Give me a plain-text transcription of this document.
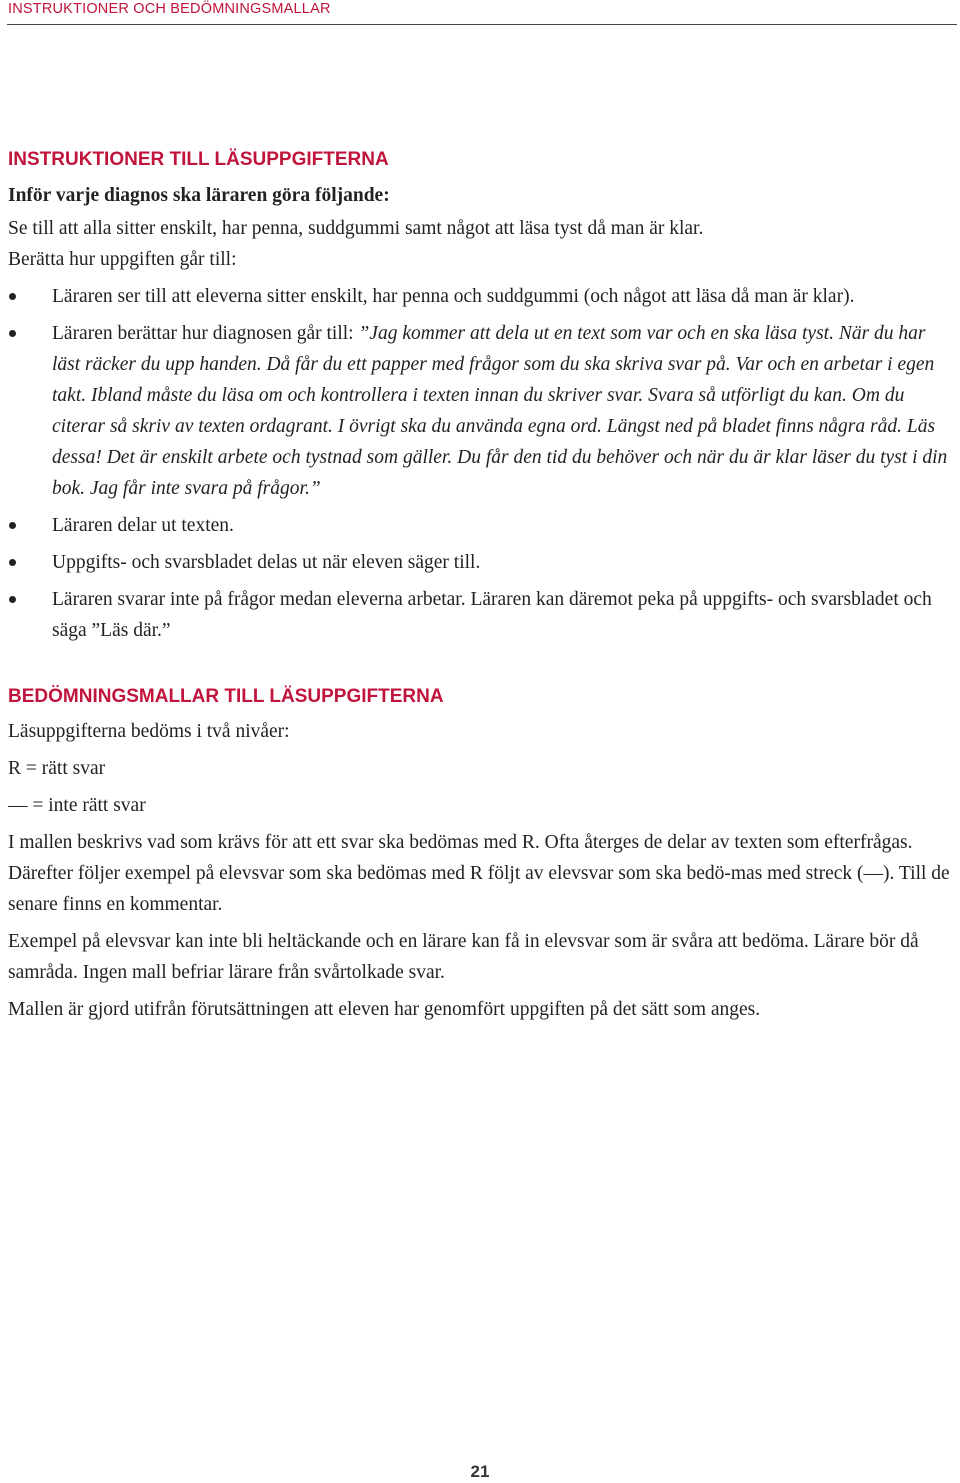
INSTRUKTIONER OCH BEDÖMNINGSMALLAR
INSTRUKTIONER TILL LÄSUPPGIFTERNA
Inför varje diagnos ska läraren göra följande:

Se till att alla sitter enskilt, har penna, suddgummi samt något att läsa tyst då man är klar.

Berätta hur uppgiften går till:

Läraren ser till att eleverna sitter enskilt, har penna och suddgummi (och något att läsa då man är klar).
Läraren berättar hur diagnosen går till: ”Jag kommer att dela ut en text som var och en ska läsa tyst. När du har läst räcker du upp handen. Då får du ett papper med frågor som du ska skriva svar på. Var och en arbetar i egen takt. Ibland måste du läsa om och kontrollera i texten innan du skriver svar. Svara så utförligt du kan. Om du citerar så skriv av texten ordagrant. I övrigt ska du använda egna ord. Längst ned på bladet finns några råd. Läs dessa! Det är enskilt arbete och tystnad som gäller. Du får den tid du behöver och när du är klar läser du tyst i din bok. Jag får inte svara på frågor.”
Läraren delar ut texten.
Uppgifts- och svarsbladet delas ut när eleven säger till.
Läraren svarar inte på frågor medan eleverna arbetar. Läraren kan däremot peka på uppgifts- och svarsbladet och säga ”Läs där.”
BEDÖMNINGSMALLAR TILL LÄSUPPGIFTERNA

Läsuppgifterna bedöms i två nivåer:

R = rätt svar

— = inte rätt svar

I mallen beskrivs vad som krävs för att ett svar ska bedömas med R. Ofta återges de delar av texten som efterfrågas. Därefter följer exempel på elevsvar som ska bedömas med R följt av elevsvar som ska bedö-mas med streck (—). Till de senare finns en kommentar.

Exempel på elevsvar kan inte bli heltäckande och en lärare kan få in elevsvar som är svåra att bedöma. Lärare bör då samråda. Ingen mall befriar lärare från svårtolkade svar.

Mallen är gjord utifrån förutsättningen att eleven har genomfört uppgiften på det sätt som anges.

21
